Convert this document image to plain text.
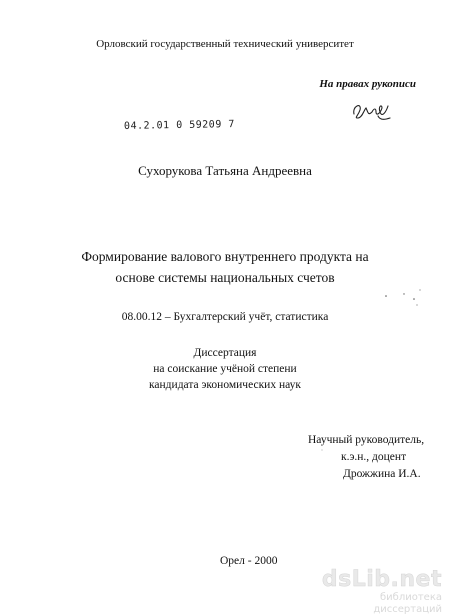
Орловский государственный технический университет
На правах рукописи
04.2.01 0 59209 7
Сухорукова Татьяна Андреевна
Формирование валового внутреннего продукта на
основе системы национальных счетов
08.00.12 – Бухгалтерский учёт, статистика
Диссертация
на соискание учёной степени
кандидата экономических наук
Научный руководитель,
к.э.н., доцент
Дрожжина И.А.
Орел - 2000
dsLib.net
библиотека диссертаций
